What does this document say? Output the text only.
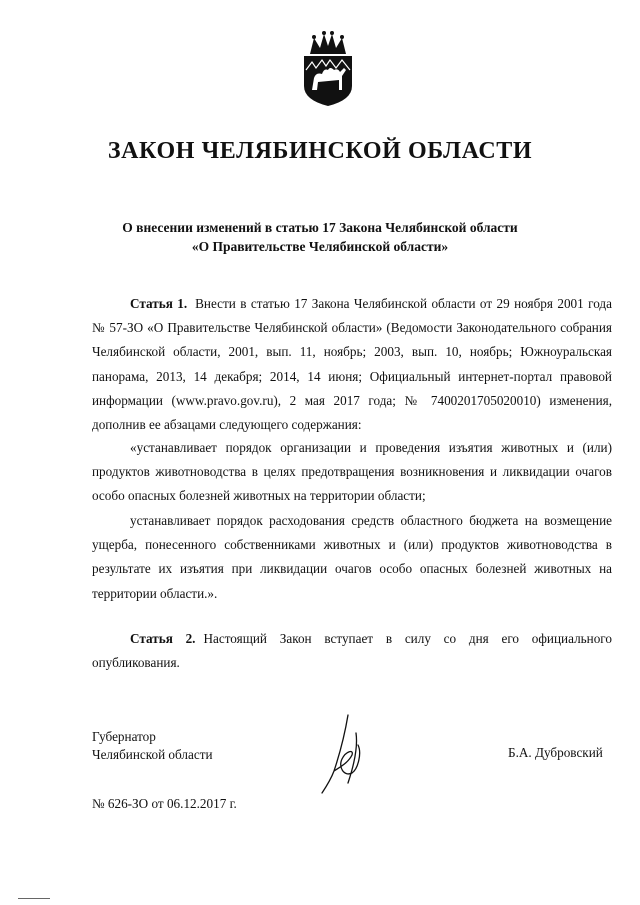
ЗАКОН ЧЕЛЯБИНСКОЙ ОБЛАСТИ
О внесении изменений в статью 17 Закона Челябинской области
«О Правительстве Челябинской области»
Статья 1. Внести в статью 17 Закона Челябинской области от 29 ноября 2001 года № 57-ЗО «О Правительстве Челябинской области» (Ведомости Законодательного собрания Челябинской области, 2001, вып. 11, ноябрь; 2003, вып. 10, ноябрь; Южноуральская панорама, 2013, 14 декабря; 2014, 14 июня; Официальный интернет-портал правовой информации (www.pravo.gov.ru), 2 мая 2017 года; № 7400201705020010) изменения, дополнив ее абзацами следующего содержания:
«устанавливает порядок организации и проведения изъятия животных и (или) продуктов животноводства в целях предотвращения возникновения и ликвидации очагов особо опасных болезней животных на территории области;
устанавливает порядок расходования средств областного бюджета на возмещение ущерба, понесенного собственниками животных и (или) продуктов животноводства в результате их изъятия при ликвидации очагов особо опасных болезней животных на территории области.».
Статья 2. Настоящий Закон вступает в силу со дня его официального опубликования.
Губернатор
Челябинской области	Б.А. Дубровский
№ 626-ЗО от 06.12.2017 г.
